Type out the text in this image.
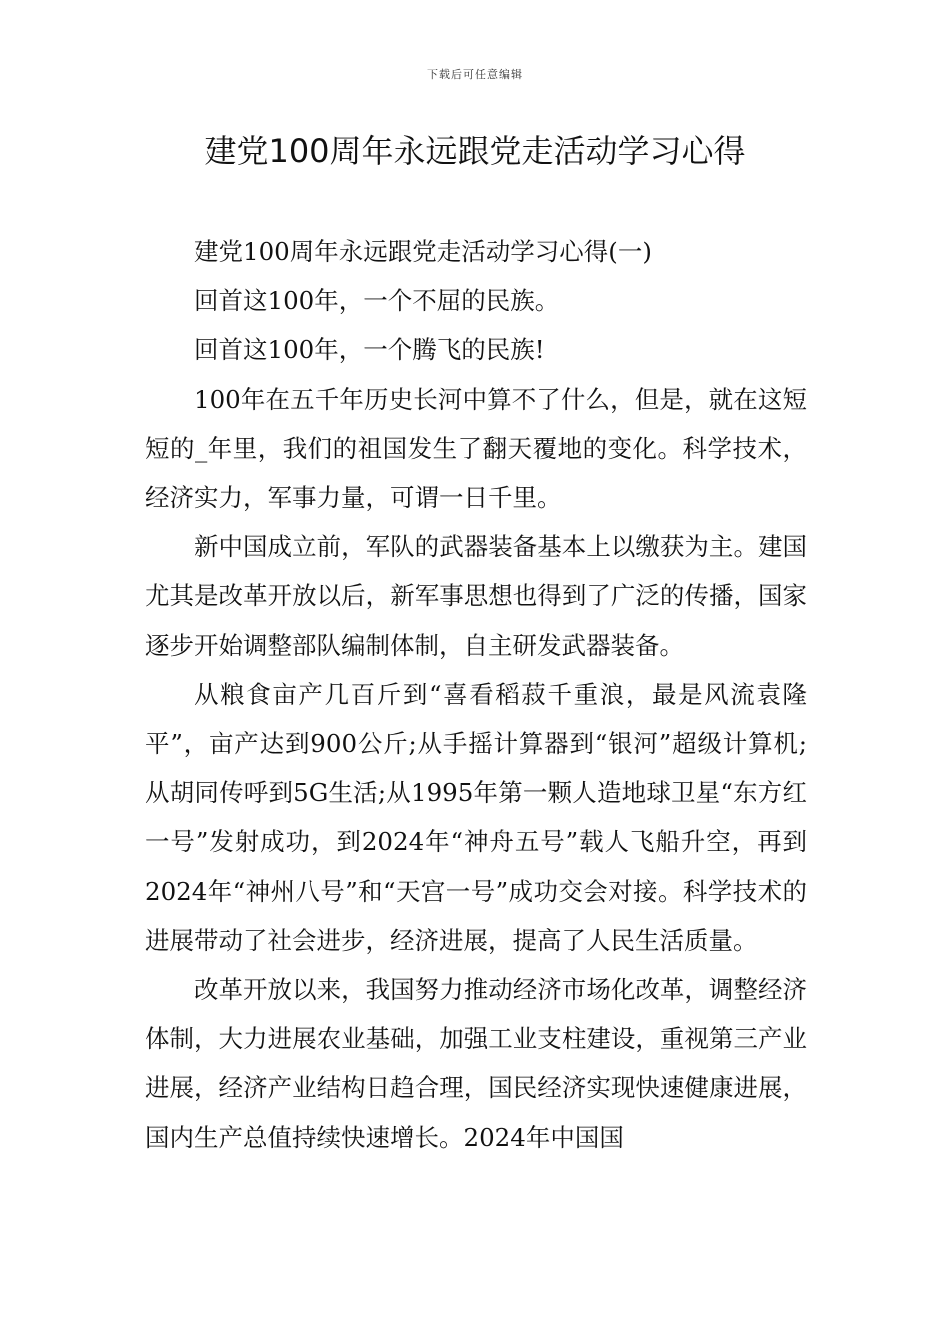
下载后可任意编辑
建党100周年永远跟党走活动学习心得

建党100周年永远跟党走活动学习心得(一)

回首这100年，一个不屈的民族。

回首这100年，一个腾飞的民族!

100年在五千年历史长河中算不了什么，但是，就在这短短的_年里，我们的祖国发生了翻天覆地的变化。科学技术，经济实力，军事力量，可谓一日千里。

新中国成立前，军队的武器装备基本上以缴获为主。建国尤其是改革开放以后，新军事思想也得到了广泛的传播，国家逐步开始调整部队编制体制，自主研发武器装备。

从粮食亩产几百斤到“喜看稻菽千重浪，最是风流袁隆平”，亩产达到900公斤;从手摇计算器到“银河”超级计算机;从胡同传呼到5G生活;从1995年第一颗人造地球卫星“东方红一号”发射成功，到2024年“神舟五号”载人飞船升空，再到2024年“神州八号”和“天宫一号”成功交会对接。科学技术的进展带动了社会进步，经济进展，提高了人民生活质量。

改革开放以来，我国努力推动经济市场化改革，调整经济体制，大力进展农业基础，加强工业支柱建设，重视第三产业进展，经济产业结构日趋合理，国民经济实现快速健康进展，国内生产总值持续快速增长。2024年中国国
